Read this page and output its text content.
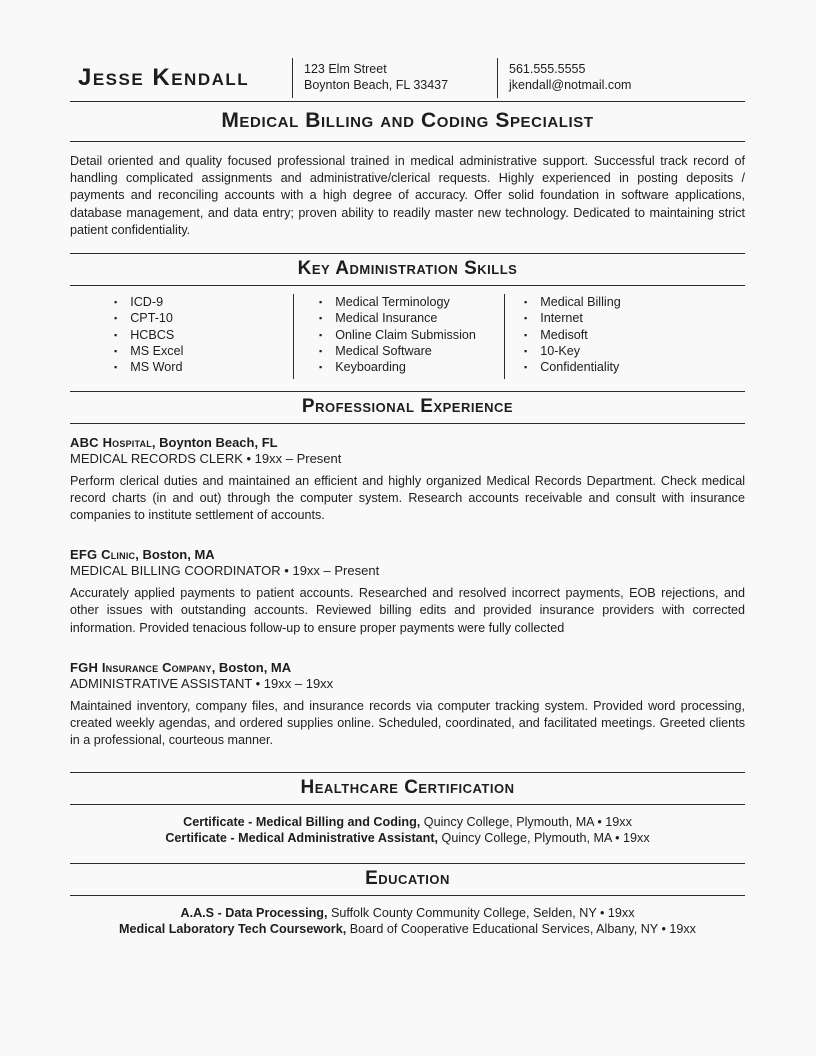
Jesse Kendall	123 Elm Street
Boynton Beach, FL 33437
561.555.5555
jkendall@notmail.com
Medical Billing and Coding Specialist

Detail oriented and quality focused professional trained in medical administrative support. Successful track record of handling complicated assignments and administrative/clerical requests. Highly experienced in posting deposits / payments and reconciling accounts with a high degree of accuracy. Offer solid foundation in software applications, database management, and data entry; proven ability to readily master new technology. Dedicated to maintaining strict patient confidentiality.

Key Administration Skills
▪ ICD-9
▪ CPT-10
▪ HCBCS
▪ MS Excel
▪ MS Word
▪ Medical Terminology
▪ Medical Insurance
▪ Online Claim Submission
▪ Medical Software
▪ Keyboarding
▪ Medical Billing
▪ Internet
▪ Medisoft
▪ 10-Key
▪ Confidentiality
Professional Experience
ABC Hospital, Boynton Beach, FL
MEDICAL RECORDS CLERK • 19xx – Present

Perform clerical duties and maintained an efficient and highly organized Medical Records Department. Check medical record charts (in and out) through the computer system. Research accounts receivable and consult with insurance companies to institute settlement of accounts.

EFG Clinic, Boston, MA
MEDICAL BILLING COORDINATOR • 19xx – Present

Accurately applied payments to patient accounts. Researched and resolved incorrect payments, EOB rejections, and other issues with outstanding accounts. Reviewed billing edits and provided insurance providers with corrected information. Provided tenacious follow-up to ensure proper payments were fully collected

FGH Insurance Company, Boston, MA
ADMINISTRATIVE ASSISTANT • 19xx – 19xx

Maintained inventory, company files, and insurance records via computer tracking system. Provided word processing, created weekly agendas, and ordered supplies online. Scheduled, coordinated, and facilitated meetings. Greeted clients in a professional, courteous manner.

Healthcare Certification
Certificate - Medical Billing and Coding, Quincy College, Plymouth, MA • 19xx
Certificate - Medical Administrative Assistant, Quincy College, Plymouth, MA • 19xx
Education
A.A.S - Data Processing, Suffolk County Community College, Selden, NY • 19xx
Medical Laboratory Tech Coursework, Board of Cooperative Educational Services, Albany, NY • 19xx
